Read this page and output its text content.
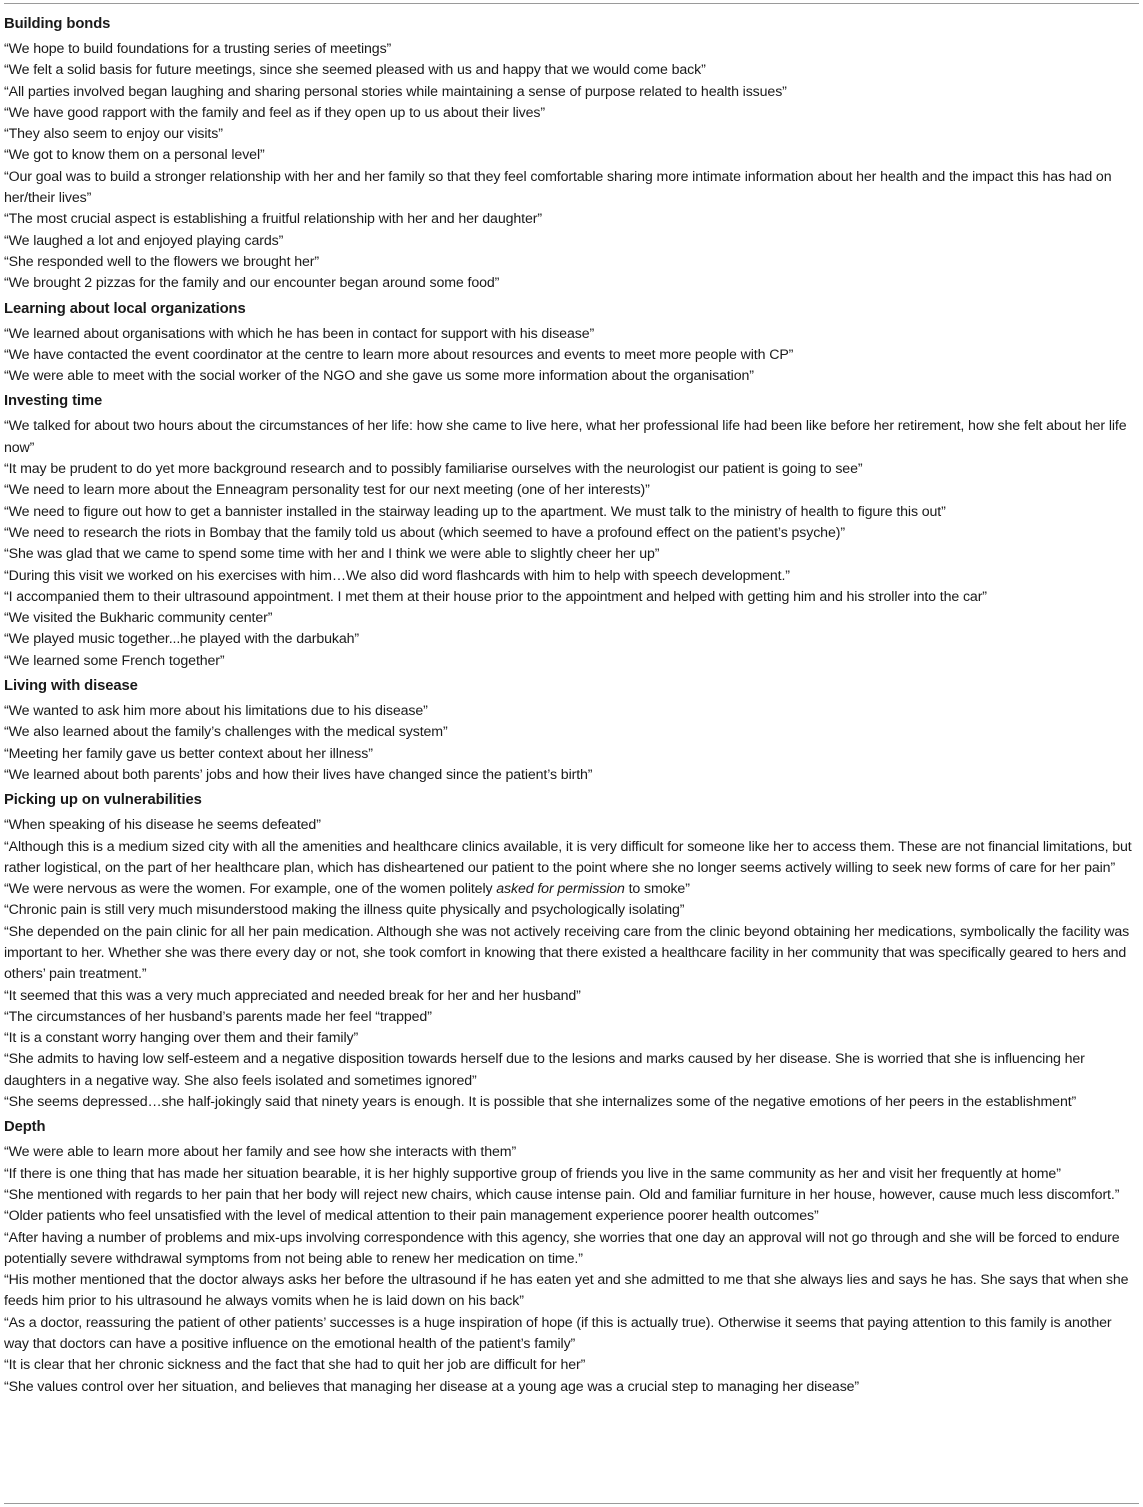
Building bonds
“We hope to build foundations for a trusting series of meetings”
“We felt a solid basis for future meetings, since she seemed pleased with us and happy that we would come back”
“All parties involved began laughing and sharing personal stories while maintaining a sense of purpose related to health issues”
“We have good rapport with the family and feel as if they open up to us about their lives”
“They also seem to enjoy our visits”
“We got to know them on a personal level”
“Our goal was to build a stronger relationship with her and her family so that they feel comfortable sharing more intimate information about her health and the impact this has had on her/their lives”
“The most crucial aspect is establishing a fruitful relationship with her and her daughter”
“We laughed a lot and enjoyed playing cards”
“She responded well to the flowers we brought her”
“We brought 2 pizzas for the family and our encounter began around some food”
Learning about local organizations
“We learned about organisations with which he has been in contact for support with his disease”
“We have contacted the event coordinator at the centre to learn more about resources and events to meet more people with CP”
“We were able to meet with the social worker of the NGO and she gave us some more information about the organisation”
Investing time
“We talked for about two hours about the circumstances of her life: how she came to live here, what her professional life had been like before her retirement, how she felt about her life now”
“It may be prudent to do yet more background research and to possibly familiarise ourselves with the neurologist our patient is going to see”
“We need to learn more about the Enneagram personality test for our next meeting (one of her interests)”
“We need to figure out how to get a bannister installed in the stairway leading up to the apartment. We must talk to the ministry of health to figure this out”
“We need to research the riots in Bombay that the family told us about (which seemed to have a profound effect on the patient’s psyche)”
“She was glad that we came to spend some time with her and I think we were able to slightly cheer her up”
“During this visit we worked on his exercises with him…We also did word flashcards with him to help with speech development.”
“I accompanied them to their ultrasound appointment. I met them at their house prior to the appointment and helped with getting him and his stroller into the car”
“We visited the Bukharic community center”
“We played music together...he played with the darbukah”
“We learned some French together”
Living with disease
“We wanted to ask him more about his limitations due to his disease”
“We also learned about the family’s challenges with the medical system”
“Meeting her family gave us better context about her illness”
“We learned about both parents’ jobs and how their lives have changed since the patient’s birth”
Picking up on vulnerabilities
“When speaking of his disease he seems defeated”
“Although this is a medium sized city with all the amenities and healthcare clinics available, it is very difficult for someone like her to access them. These are not financial limitations, but rather logistical, on the part of her healthcare plan, which has disheartened our patient to the point where she no longer seems actively willing to seek new forms of care for her pain”
“We were nervous as were the women. For example, one of the women politely asked for permission to smoke”
“Chronic pain is still very much misunderstood making the illness quite physically and psychologically isolating”
“She depended on the pain clinic for all her pain medication. Although she was not actively receiving care from the clinic beyond obtaining her medications, symbolically the facility was important to her. Whether she was there every day or not, she took comfort in knowing that there existed a healthcare facility in her community that was specifically geared to hers and others’ pain treatment.”
“It seemed that this was a very much appreciated and needed break for her and her husband”
“The circumstances of her husband’s parents made her feel “trapped”
“It is a constant worry hanging over them and their family”
“She admits to having low self-esteem and a negative disposition towards herself due to the lesions and marks caused by her disease. She is worried that she is influencing her daughters in a negative way. She also feels isolated and sometimes ignored”
“She seems depressed…she half-jokingly said that ninety years is enough. It is possible that she internalizes some of the negative emotions of her peers in the establishment”
Depth
“We were able to learn more about her family and see how she interacts with them”
“If there is one thing that has made her situation bearable, it is her highly supportive group of friends you live in the same community as her and visit her frequently at home”
“She mentioned with regards to her pain that her body will reject new chairs, which cause intense pain. Old and familiar furniture in her house, however, cause much less discomfort.”
“Older patients who feel unsatisfied with the level of medical attention to their pain management experience poorer health outcomes”
“After having a number of problems and mix-ups involving correspondence with this agency, she worries that one day an approval will not go through and she will be forced to endure potentially severe withdrawal symptoms from not being able to renew her medication on time.”
“His mother mentioned that the doctor always asks her before the ultrasound if he has eaten yet and she admitted to me that she always lies and says he has. She says that when she feeds him prior to his ultrasound he always vomits when he is laid down on his back”
“As a doctor, reassuring the patient of other patients’ successes is a huge inspiration of hope (if this is actually true). Otherwise it seems that paying attention to this family is another way that doctors can have a positive influence on the emotional health of the patient’s family”
“It is clear that her chronic sickness and the fact that she had to quit her job are difficult for her”
“She values control over her situation, and believes that managing her disease at a young age was a crucial step to managing her disease”
